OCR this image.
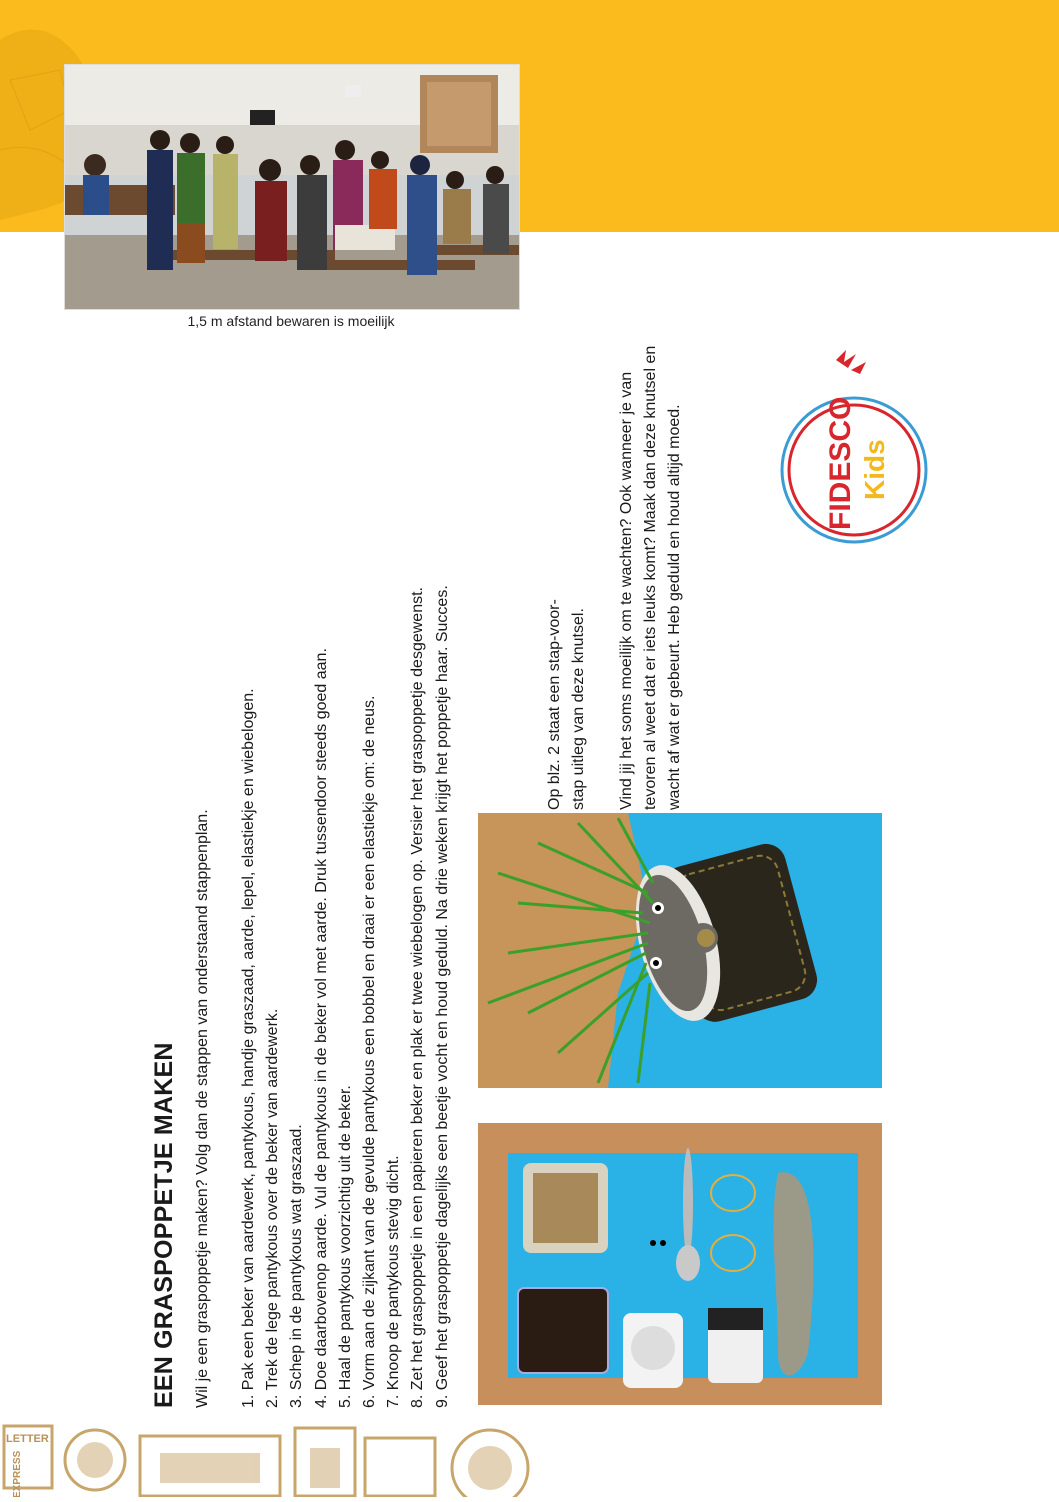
1,5 m afstand bewaren is moeilijk
EEN GRASPOPPETJE MAKEN Wil je een graspoppetje maken? Volg dan de stappen van onderstaand stappenplan. 1. Pak een beker van aardewerk, pantykous, handje graszaad, aarde, lepel, elastiekje en wiebelogen. 2. Trek de lege pantykous over de beker van aardewerk. 3. Schep in de pantykous wat graszaad. 4. Doe daarbovenop aarde. Vul de pantykous in de beker vol met aarde. Druk tussendoor steeds goed aan. 5. Haal de pantykous voorzichtig uit de beker. 6. Vorm aan de zijkant van de gevulde pantykous een bobbel en draai er een elastiekje om: de neus. 7. Knoop de pantykous stevig dicht. 8. Zet het graspoppetje in een papieren beker en plak er twee wiebelogen op. Versier het graspoppetje desgewenst. 9. Geef het graspoppetje dagelijks een beetje vocht en houd geduld. Na drie weken krijgt het poppetje haar. Succes.	Op blz. 2 staat een stap-voor-stap uitleg van deze knutsel. Vind jij het soms moeilijk om te wachten? Ook wanneer je van tevoren al weet dat er iets leuks komt? Maak dan deze knutsel en wacht af wat er gebeurt. Heb geduld en houd altijd moed.	FIDESCO Kids
LETTER
EXPRESS
